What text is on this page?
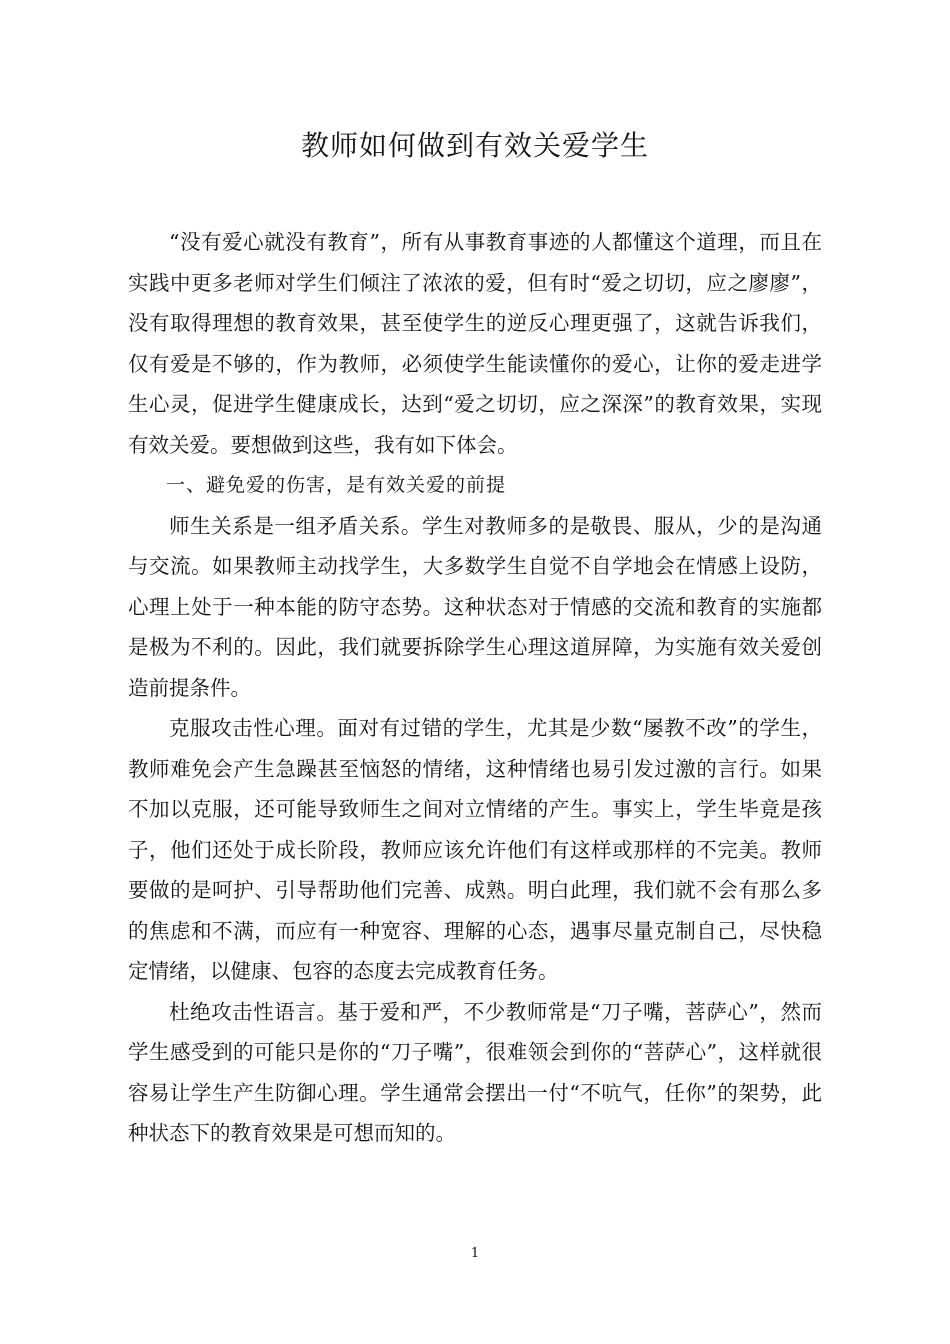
教师如何做到有效关爱学生

“没有爱心就没有教育”，所有从事教育事迹的人都懂这个道理，而且在实践中更多老师对学生们倾注了浓浓的爱，但有时“爱之切切，应之廖廖”，没有取得理想的教育效果，甚至使学生的逆反心理更强了，这就告诉我们，仅有爱是不够的，作为教师，必须使学生能读懂你的爱心，让你的爱走进学生心灵，促进学生健康成长，达到“爱之切切，应之深深”的教育效果，实现有效关爱。要想做到这些，我有如下体会。

一、避免爱的伤害，是有效关爱的前提

师生关系是一组矛盾关系。学生对教师多的是敬畏、服从，少的是沟通与交流。如果教师主动找学生，大多数学生自觉不自学地会在情感上设防，心理上处于一种本能的防守态势。这种状态对于情感的交流和教育的实施都是极为不利的。因此，我们就要拆除学生心理这道屏障，为实施有效关爱创造前提条件。

克服攻击性心理。面对有过错的学生，尤其是少数“屡教不改”的学生，教师难免会产生急躁甚至恼怒的情绪，这种情绪也易引发过激的言行。如果不加以克服，还可能导致师生之间对立情绪的产生。事实上，学生毕竟是孩子，他们还处于成长阶段，教师应该允许他们有这样或那样的不完美。教师要做的是呵护、引导帮助他们完善、成熟。明白此理，我们就不会有那么多的焦虑和不满，而应有一种宽容、理解的心态，遇事尽量克制自己，尽快稳定情绪，以健康、包容的态度去完成教育任务。

杜绝攻击性语言。基于爱和严，不少教师常是“刀子嘴，菩萨心”，然而学生感受到的可能只是你的“刀子嘴”，很难领会到你的“菩萨心”，这样就很容易让学生产生防御心理。学生通常会摆出一付“不吭气，任你”的架势，此种状态下的教育效果是可想而知的。

1
